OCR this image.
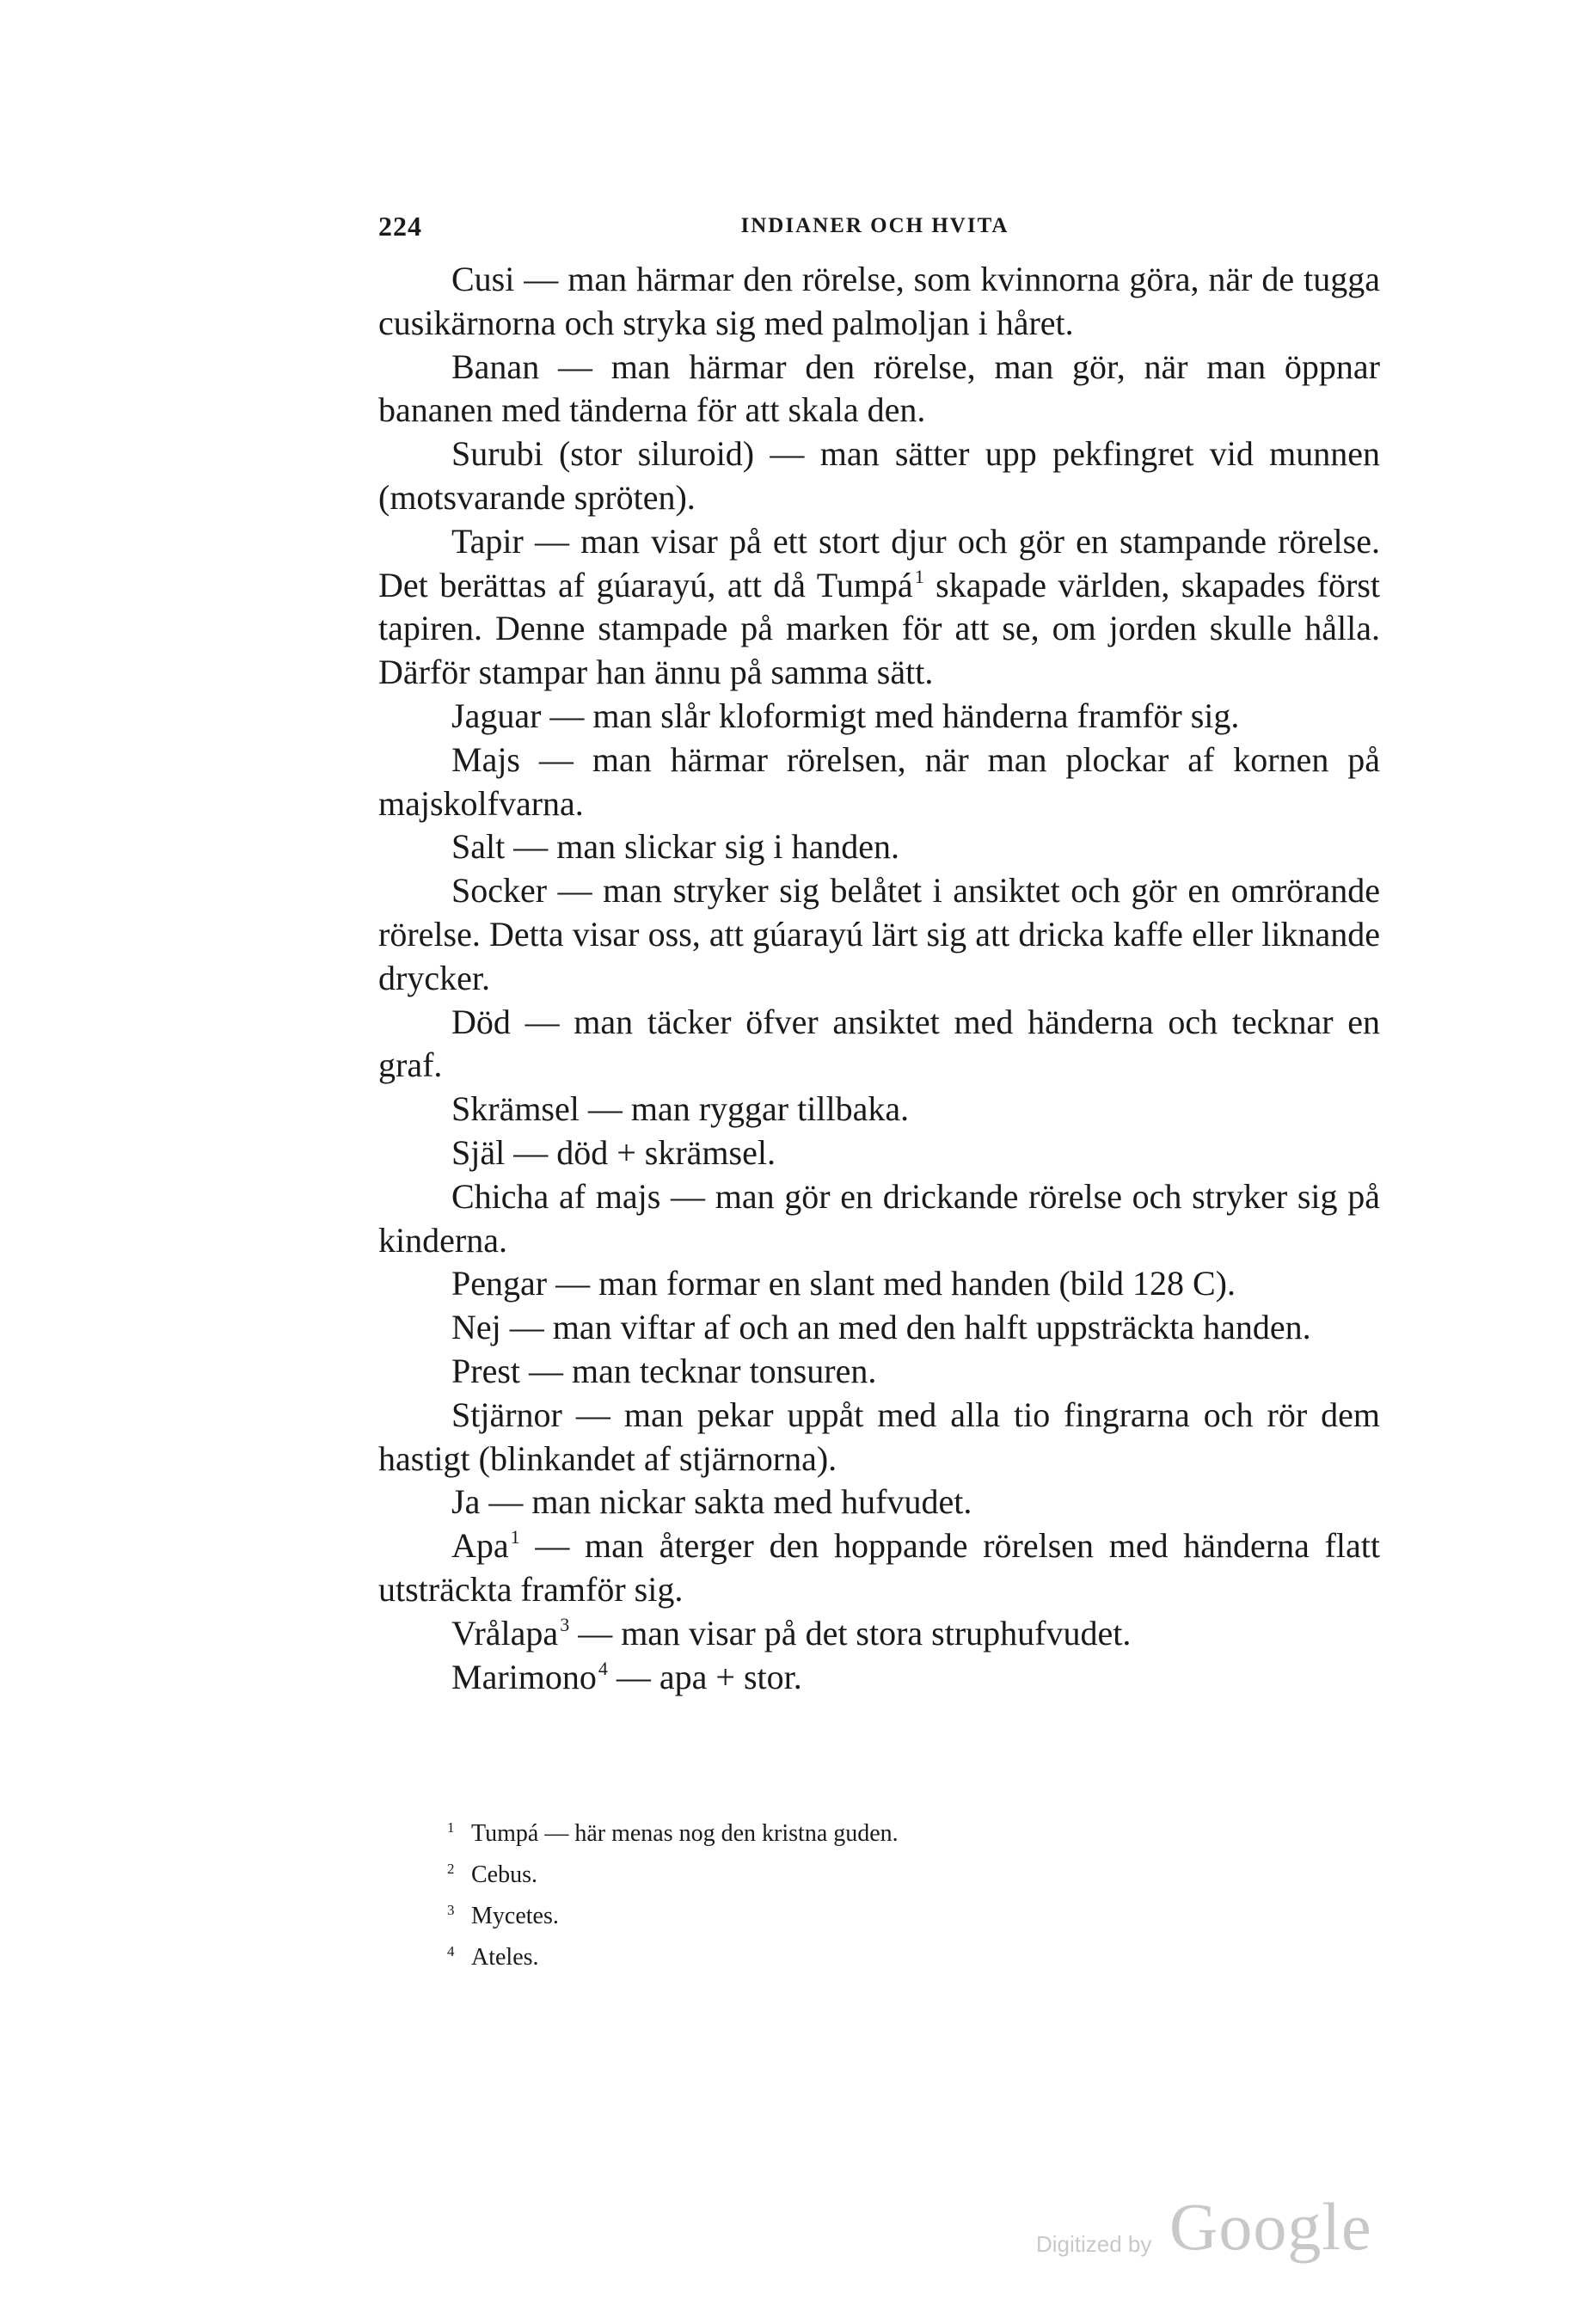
224	INDIANER OCH HVITA

Cusi — man härmar den rörelse, som kvinnorna göra, när de tugga cusikärnorna och stryka sig med palmoljan i håret.

Banan — man härmar den rörelse, man gör, när man öppnar bananen med tänderna för att skala den.

Surubi (stor siluroid) — man sätter upp pekfingret vid munnen (motsvarande spröten).

Tapir — man visar på ett stort djur och gör en stampande rörelse. Det berättas af gúarayú, att då Tumpá$^1$ skapade världen, skapades först tapiren. Denne stampade på marken för att se, om jorden skulle hålla. Därför stampar han ännu på samma sätt.

Jaguar — man slår kloformigt med händerna framför sig.

Majs — man härmar rörelsen, när man plockar af kornen på majskolfvarna.

Salt — man slickar sig i handen.

Socker — man stryker sig belåtet i ansiktet och gör en omrörande rörelse. Detta visar oss, att gúarayú lärt sig att dricka kaffe eller liknande drycker.

Död — man täcker öfver ansiktet med händerna och tecknar en graf.

Skrämsel — man ryggar tillbaka.

Själ — död + skrämsel.

Chicha af majs — man gör en drickande rörelse och stryker sig på kinderna.

Pengar — man formar en slant med handen (bild 128 C).

Nej — man viftar af och an med den halft uppsträckta handen.

Prest — man tecknar tonsuren.

Stjärnor — man pekar uppåt med alla tio fingrarna och rör dem hastigt (blinkandet af stjärnorna).

Ja — man nickar sakta med hufvudet.

Apa$^1$ — man återger den hoppande rörelsen med händerna flatt utsträckta framför sig.

Vrålapa$^3$ — man visar på det stora struphufvudet.

Marimono$^4$ — apa + stor.

1 Tumpá — här menas nog den kristna guden.

2 Cebus.

3 Mycetes.

4 Ateles.

Digitized by Google
